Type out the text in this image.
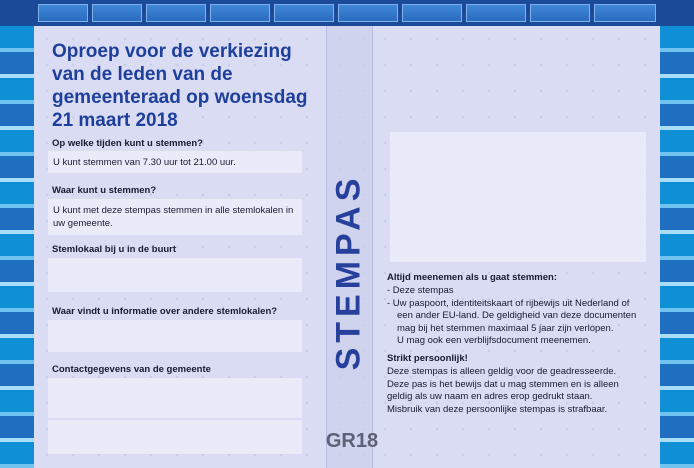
Oproep voor de verkiezing van de leden van de gemeenteraad op woensdag 21 maart 2018

Op welke tijden kunt u stemmen?

U kunt stemmen van 7.30 uur tot 21.00 uur.

Waar kunt u stemmen?

U kunt met deze stempas stemmen in alle stemlokalen in uw gemeente.

Stemlokaal bij u in de buurt

Waar vindt u informatie over andere stemlokalen?

Contactgegevens van de gemeente	STEMPAS
GR18

Altijd meenemen als u gaat stemmen:

- Deze stempas

- Uw paspoort, identiteitskaart of rijbewijs uit Nederland of

een ander EU-land. De geldigheid van deze documenten

mag bij het stemmen maximaal 5 jaar zijn verlopen.

U mag ook een verblijfsdocument meenemen.

Strikt persoonlijk!

Deze stempas is alleen geldig voor de geadresseerde.

Deze pas is het bewijs dat u mag stemmen en is alleen

geldig als uw naam en adres erop gedrukt staan.

Misbruik van deze persoonlijke stempas is strafbaar.
